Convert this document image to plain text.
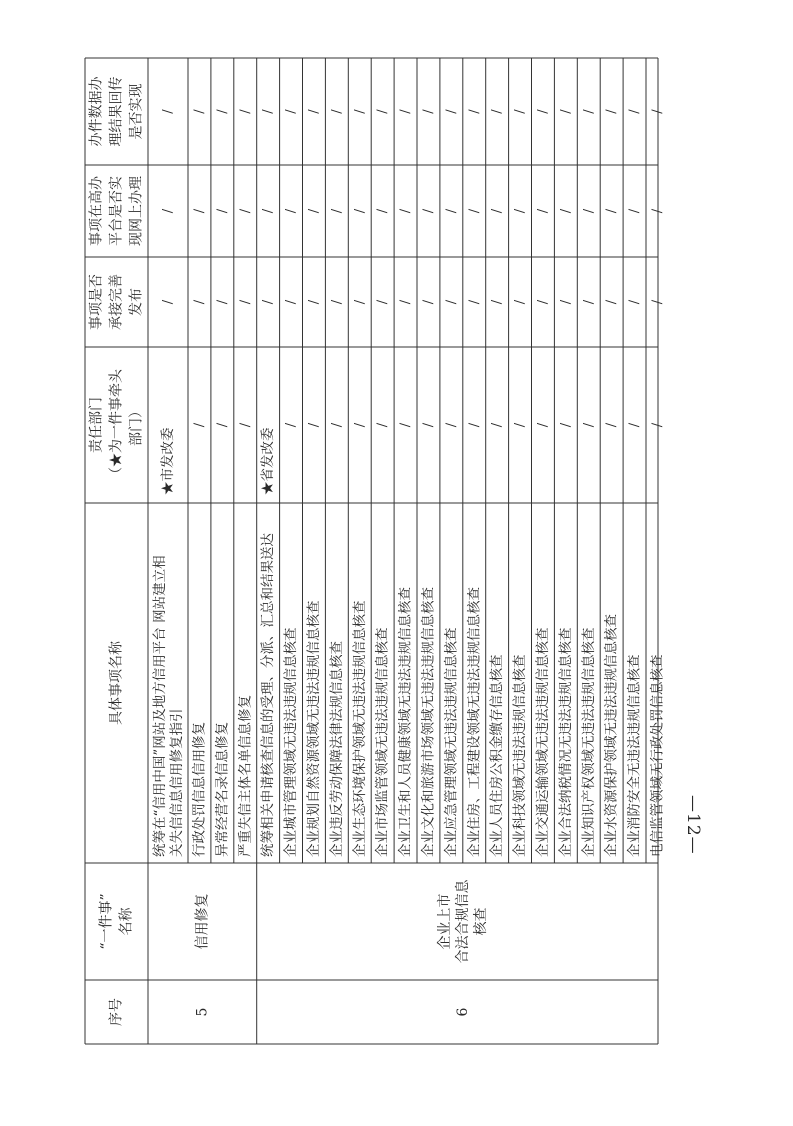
序号
“一件事” 名称
具体事项名称
责任部门 （★为一件事牵头 部门）
事项是否 承接完善 发布
事项在高办 平台是否实 现网上办理
办件数据办 理结果回传 是否实现
统筹在“信用中国”网站及地方信用平台 网站建立相 关失信信息信用修复指引
★市发改委
/
/
/
行政处罚信息信用修复
/
/
/
/
异常经营名录信息修复
/
/
/
/
严重失信主体名单信息修复
/
/
/
/
5
信用修复
统筹相关申请核查信息的受理、分派、汇总和结果送达
★省发改委
/
/
/
企业城市管理领域无违法违规信息核查
/
/
/
/
企业规划自然资源领域无违法违规信息核查
/
/
/
/
企业违反劳动保障法律法规信息核查
/
/
/
/
企业生态环境保护领域无违法违规信息核查
/
/
/
/
企业市场监管领域无违法违规信息核查
/
/
/
/
企业卫生和人员健康领域无违法违规信息核查
/
/
/
/
企业文化和旅游市场领域无违法违规信息核查
/
/
/
/
企业应急管理领域无违法违规信息核查
/
/
/
/
企业住房、工程建设领域无违法违规信息核查
/
/
/
/
企业人员住房公积金缴存信息核查
/
/
/
/
企业科技领域无违法违规信息核查
/
/
/
/
企业交通运输领域无违法违规信息核查
/
/
/
/
企业合法纳税情况无违法违规信息核查
/
/
/
/
企业知识产权领域无违法违规信息核查
/
/
/
/
企业水资源保护领域无违法违规信息核查
/
/
/
/
企业消防安全无违法违规信息核查
/
/
/
/
电信监管领域无行政处罚信息核查
/
/
/
/
6
企业上市 合法合规信息 核查
—12—
